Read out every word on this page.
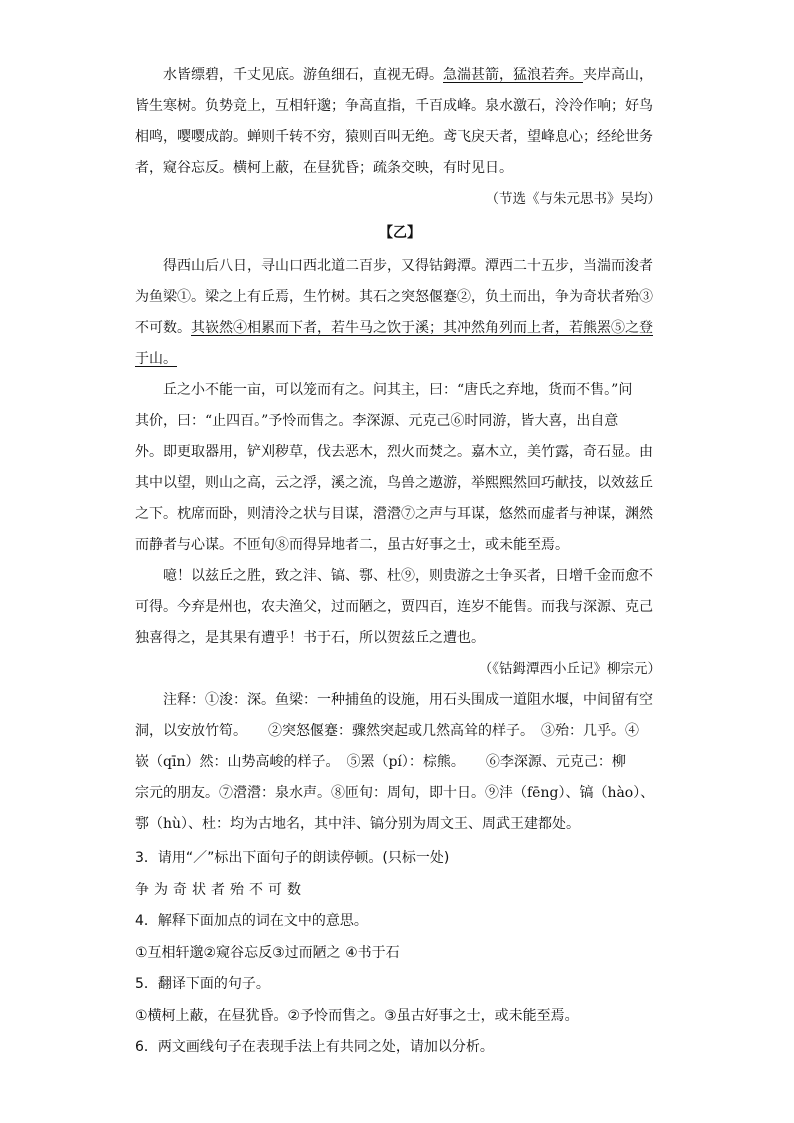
水皆缥碧，千丈见底。游鱼细石，直视无碍。急湍甚箭，猛浪若奔。夹岸高山，
皆生寒树。负势竞上，互相轩邈；争高直指，千百成峰。泉水激石，泠泠作响；好鸟
相鸣，嘤嘤成韵。蝉则千转不穷，猿则百叫无绝。鸢飞戾天者，望峰息心；经纶世务
者，窥谷忘反。横柯上蔽，在昼犹昏；疏条交映，有时见日。
（节选《与朱元思书》吴均）
【乙】
得西山后八日，寻山口西北道二百步，又得钴鉧潭。潭西二十五步，当湍而浚者
为鱼梁①。梁之上有丘焉，生竹树。其石之突怒偃蹇②，负土而出，争为奇状者殆③
不可数。其嵚然④相累而下者，若牛马之饮于溪；其冲然角列而上者，若熊罴⑤之登
于山。
丘之小不能一亩，可以笼而有之。问其主，曰：“唐氏之弃地，货而不售。”问
其价，曰：“止四百。”予怜而售之。李深源、元克己⑥时同游，皆大喜，出自意
外。即更取器用，铲刈秽草，伐去恶木，烈火而焚之。嘉木立，美竹露，奇石显。由
其中以望，则山之高，云之浮，溪之流，鸟兽之遨游，举熙熙然回巧献技，以效兹丘
之下。枕席而卧，则清泠之状与目谋，瀯瀯⑦之声与耳谋，悠然而虚者与神谋，渊然
而静者与心谋。不匝旬⑧而得异地者二，虽古好事之士，或未能至焉。
噫！以兹丘之胜，致之沣、镐、鄠、杜⑨，则贵游之士争买者，日增千金而愈不
可得。今弃是州也，农夫渔父，过而陋之，贾四百，连岁不能售。而我与深源、克己
独喜得之，是其果有遭乎！书于石，所以贺兹丘之遭也。
（《钴鉧潭西小丘记》柳宗元）
注释：①浚：深。鱼梁：一种捕鱼的设施，用石头围成一道阻水堰，中间留有空
洞，以安放竹笱。　　②突怒偃蹇：骤然突起或几然高耸的样子。　③殆：几乎。④
嵚（qīn）然：山势高峻的样子。　⑤罴（pí）：棕熊。　　⑥李深源、元克己：柳
宗元的朋友。⑦瀯瀯：泉水声。⑧匝旬：周旬，即十日。⑨沣（fēng）、镐（hào）、
鄠（hù）、杜：均为古地名，其中沣、镐分别为周文王、周武王建都处。
3．请用“／”标出下面句子的朗读停顿。(只标一处)
争为奇状者殆不可数
4．解释下面加点的词在文中的意思。
①互相轩邈②窥谷忘反③过而陋之 ④书于石
5．翻译下面的句子。
①横柯上蔽，在昼犹昏。②予怜而售之。③虽古好事之士，或未能至焉。
6．两文画线句子在表现手法上有共同之处，请加以分析。
